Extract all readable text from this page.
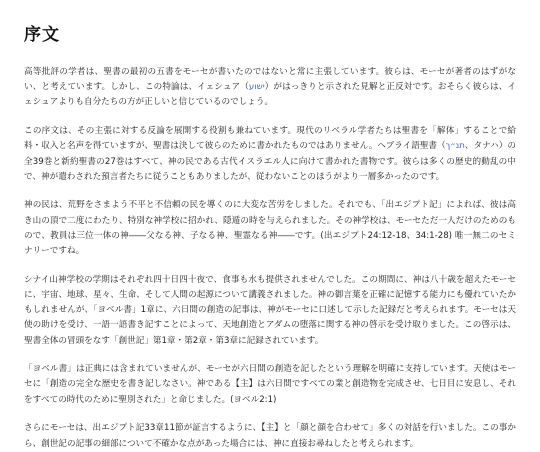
序文

高等批評の学者は、聖書の最初の五書をモーセが書いたのではないと常に主張しています。彼らは、モーセが著者のはずがない、と考えています。しかし、この特論は、イェシュア（ישוע）がはっきりと示された見解と正反対です。おそらく彼らは、イェシュアよりも自分たちの方が正しいと信じているのでしょう。

この序文は、その主張に対する反論を展開する役割も兼ねています。現代のリベラル学者たちは聖書を「解体」することで給料・収入と名声を得ていますが、聖書は決して彼らのために書かれたものではありません。ヘブライ語聖書（תנ״ך、タナハ）の全39巻と新約聖書の27巻はすべて、神の民である古代イスラエル人に向けて書かれた書物です。彼らは多くの歴史的動乱の中で、神が遣わされた預言者たちに従うこともありましたが、従わないことのほうがより一層多かったのです。

神の民は、荒野をさまよう不平と不信頼の民を導くのに大変な苦労をしました。それでも、「出エジプト記」によれば、彼は高き山の頂で二度にわたり、特別な神学校に招かれ、隠遁の時を与えられました。その神学校は、モーセただ一人だけのためのもので、教員は三位一体の神――父なる神、子なる神、聖霊なる神――です。(出エジプト24:12-18、34:1-28) 唯一無二のセミナリーですね。

シナイ山神学校の学期はそれぞれ四十日四十夜で、食事も水も提供されませんでした。この期間に、神は八十歳を超えたモーセに、宇宙、地球、星々、生命、そして人間の起源について講義されました。神の御言葉を正確に記憶する能力にも優れていたかもしれませんが、「ヨベル書」1章に、六日間の創造の記事は、神がモーセに口述して示した記録だと考えられます。モーセは天使の助けを受け、一語一語書き記すことによって、天地創造とアダムの堕落に関する神の啓示を受け取りました。この啓示は、聖書全体の冒頭をなす「創世記」第1章・第2章・第3章に記録されています。

「ヨベル書」は正典には含まれていませんが、モーセが六日間の創造を記したという理解を明確に支持しています。天使はモーセに「創造の完全な歴史を書き記しなさい。神である【主】は六日間ですべての業と創造物を完成させ、七日目に安息し、それをすべての時代のために聖別された」と命じました。(ヨベル2:1)

さらにモーセは、出エジプト記33章11節が証言するように、【主】と「顔と顔を合わせて」多くの対話を行いました。この事から、創世記の記事の細部について不確かな点があった場合には、神に直接お尋ねしたと考えられます。
